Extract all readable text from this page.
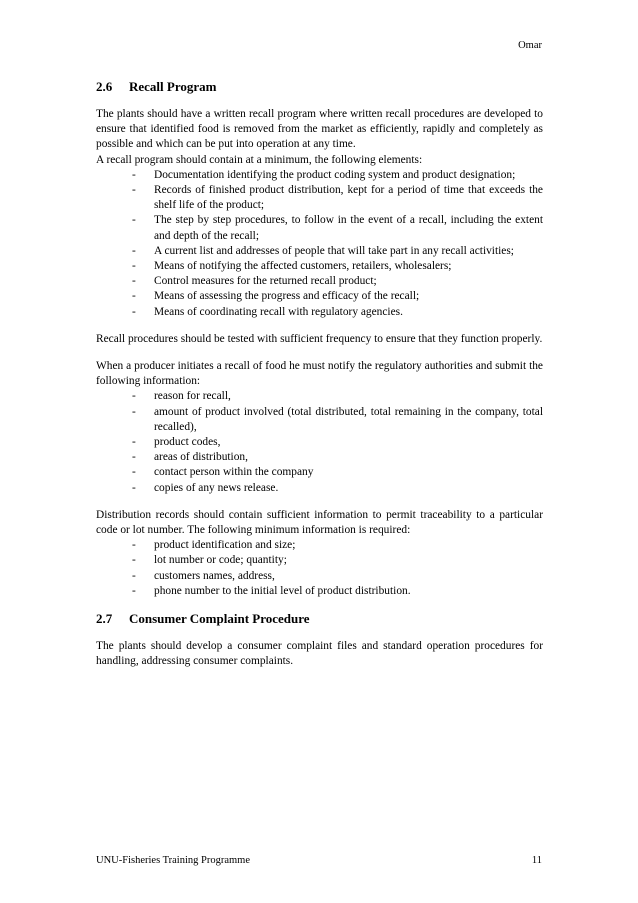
Omar
2.6 Recall Program

The plants should have a written recall program where written recall procedures are developed to ensure that identified food is removed from the market as efficiently, rapidly and completely as possible and which can be put into operation at any time.

A recall program should contain at a minimum, the following elements:

- Documentation identifying the product coding system and product designation;
- Records of finished product distribution, kept for a period of time that exceeds the shelf life of the product;
- The step by step procedures, to follow in the event of a recall, including the extent and depth of the recall;
- A current list and addresses of people that will take part in any recall activities;
- Means of notifying the affected customers, retailers, wholesalers;
- Control measures for the returned recall product;
- Means of assessing the progress and efficacy of the recall;
- Means of coordinating recall with regulatory agencies.

Recall procedures should be tested with sufficient frequency to ensure that they function properly.

When a producer initiates a recall of food he must notify the regulatory authorities and submit the following information:

- reason for recall,
- amount of product involved (total distributed, total remaining in the company, total recalled),
- product codes,
- areas of distribution,
- contact person within the company
- copies of any news release.

Distribution records should contain sufficient information to permit traceability to a particular code or lot number. The following minimum information is required:

- product identification and size;
- lot number or code; quantity;
- customers names, address,
- phone number to the initial level of product distribution.
2.7 Consumer Complaint Procedure

The plants should develop a consumer complaint files and standard operation procedures for handling, addressing consumer complaints.

UNU-Fisheries Training Programme	11
